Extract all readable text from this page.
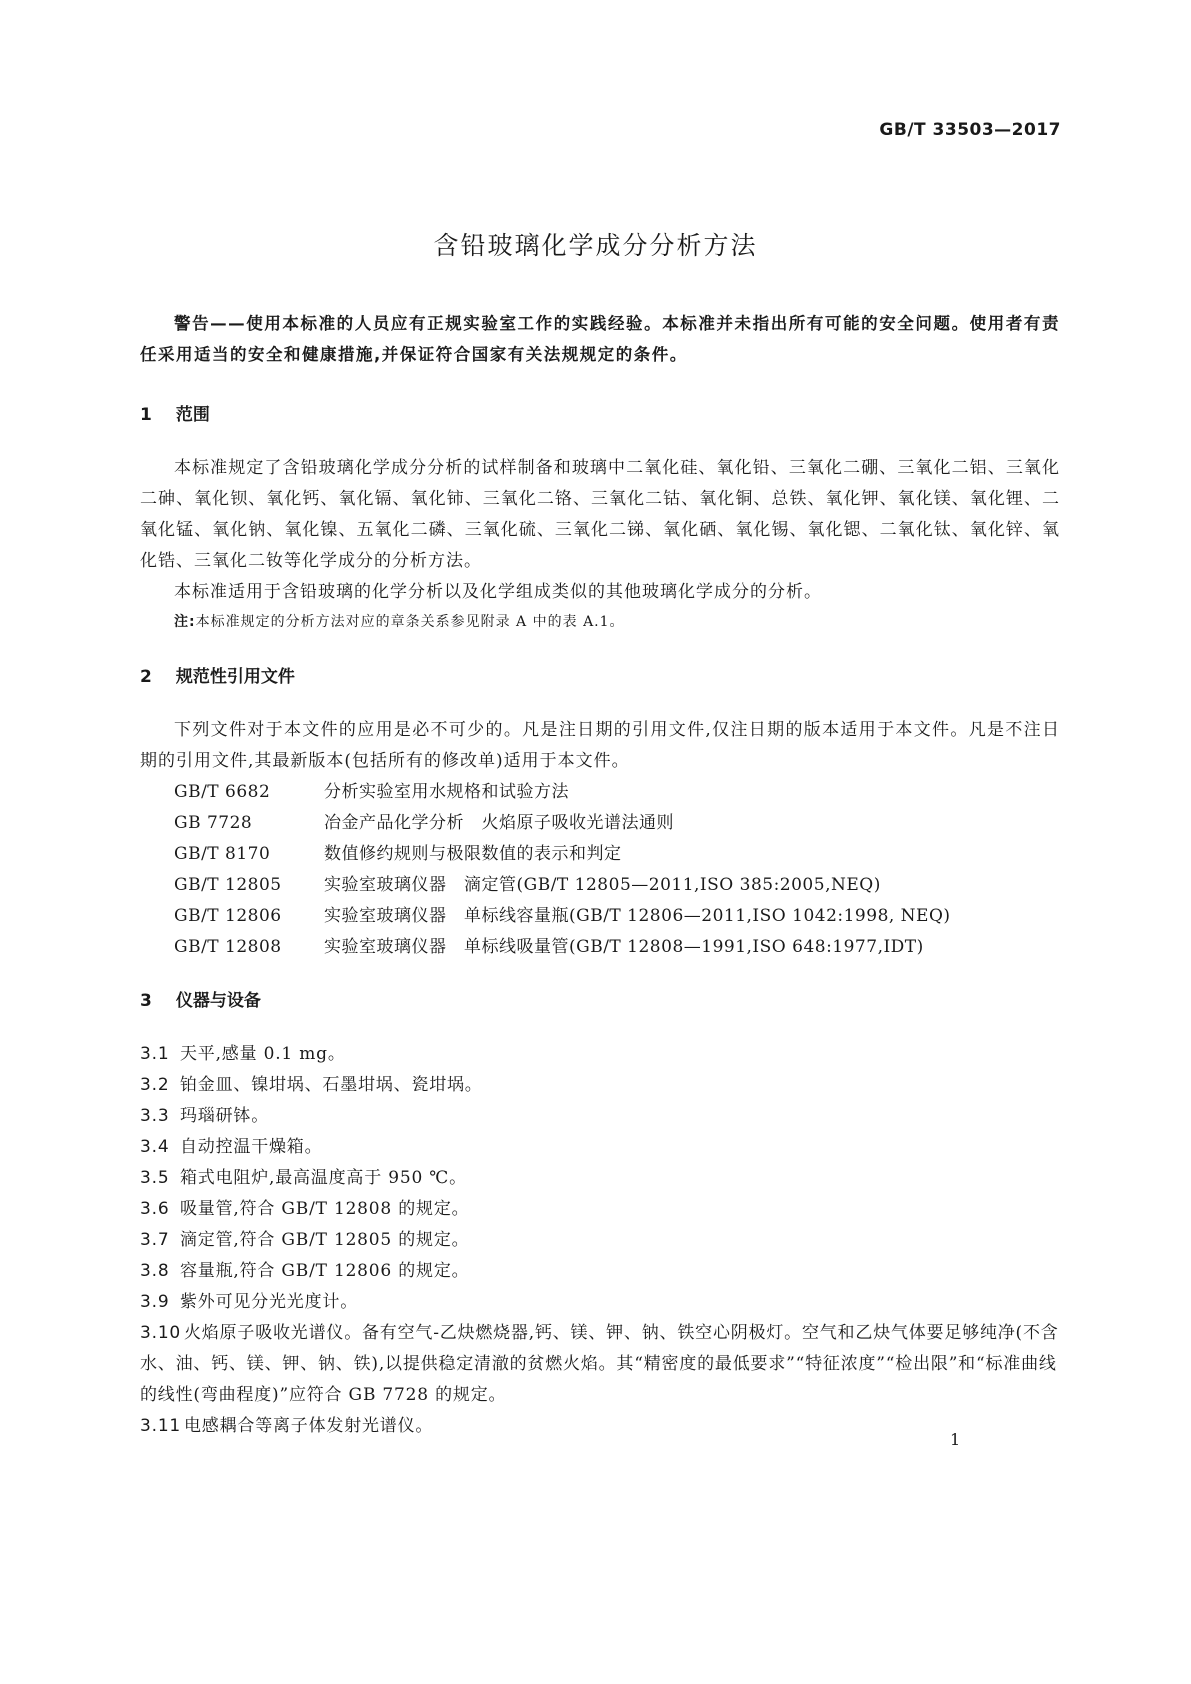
GB/T 33503—2017
含铅玻璃化学成分分析方法

警告——使用本标准的人员应有正规实验室工作的实践经验。本标准并未指出所有可能的安全问题。使用者有责任采用适当的安全和健康措施,并保证符合国家有关法规规定的条件。

1 范围

本标准规定了含铅玻璃化学成分分析的试样制备和玻璃中二氧化硅、氧化铅、三氧化二硼、三氧化二铝、三氧化二砷、氧化钡、氧化钙、氧化镉、氧化铈、三氧化二铬、三氧化二钴、氧化铜、总铁、氧化钾、氧化镁、氧化锂、二氧化锰、氧化钠、氧化镍、五氧化二磷、三氧化硫、三氧化二锑、氧化硒、氧化锡、氧化锶、二氧化钛、氧化锌、氧化锆、三氧化二钕等化学成分的分析方法。

本标准适用于含铅玻璃的化学分析以及化学组成类似的其他玻璃化学成分的分析。

注:本标准规定的分析方法对应的章条关系参见附录 A 中的表 A.1。

2 规范性引用文件

下列文件对于本文件的应用是必不可少的。凡是注日期的引用文件,仅注日期的版本适用于本文件。凡是不注日期的引用文件,其最新版本(包括所有的修改单)适用于本文件。

GB/T 6682	分析实验室用水规格和试验方法

GB 7728	冶金产品化学分析　火焰原子吸收光谱法通则

GB/T 8170	数值修约规则与极限数值的表示和判定

GB/T 12805 实验室玻璃仪器　滴定管(GB/T 12805—2011,ISO 385:2005,NEQ)

GB/T 12806 实验室玻璃仪器　单标线容量瓶(GB/T 12806—2011,ISO 1042:1998, NEQ)

GB/T 12808 实验室玻璃仪器　单标线吸量管(GB/T 12808—1991,ISO 648:1977,IDT)

3 仪器与设备

3.1 天平,感量 0.1 mg。

3.2 铂金皿、镍坩埚、石墨坩埚、瓷坩埚。

3.3 玛瑙研钵。

3.4 自动控温干燥箱。

3.5 箱式电阻炉,最高温度高于 950 ℃。

3.6 吸量管,符合 GB/T 12808 的规定。

3.7 滴定管,符合 GB/T 12805 的规定。

3.8 容量瓶,符合 GB/T 12806 的规定。

3.9 紫外可见分光光度计。

3.10 火焰原子吸收光谱仪。备有空气-乙炔燃烧器,钙、镁、钾、钠、铁空心阴极灯。空气和乙炔气体要足够纯净(不含水、油、钙、镁、钾、钠、铁),以提供稳定清澈的贫燃火焰。其“精密度的最低要求”“特征浓度”“检出限”和“标准曲线的线性(弯曲程度)”应符合 GB 7728 的规定。

3.11 电感耦合等离子体发射光谱仪。

1
